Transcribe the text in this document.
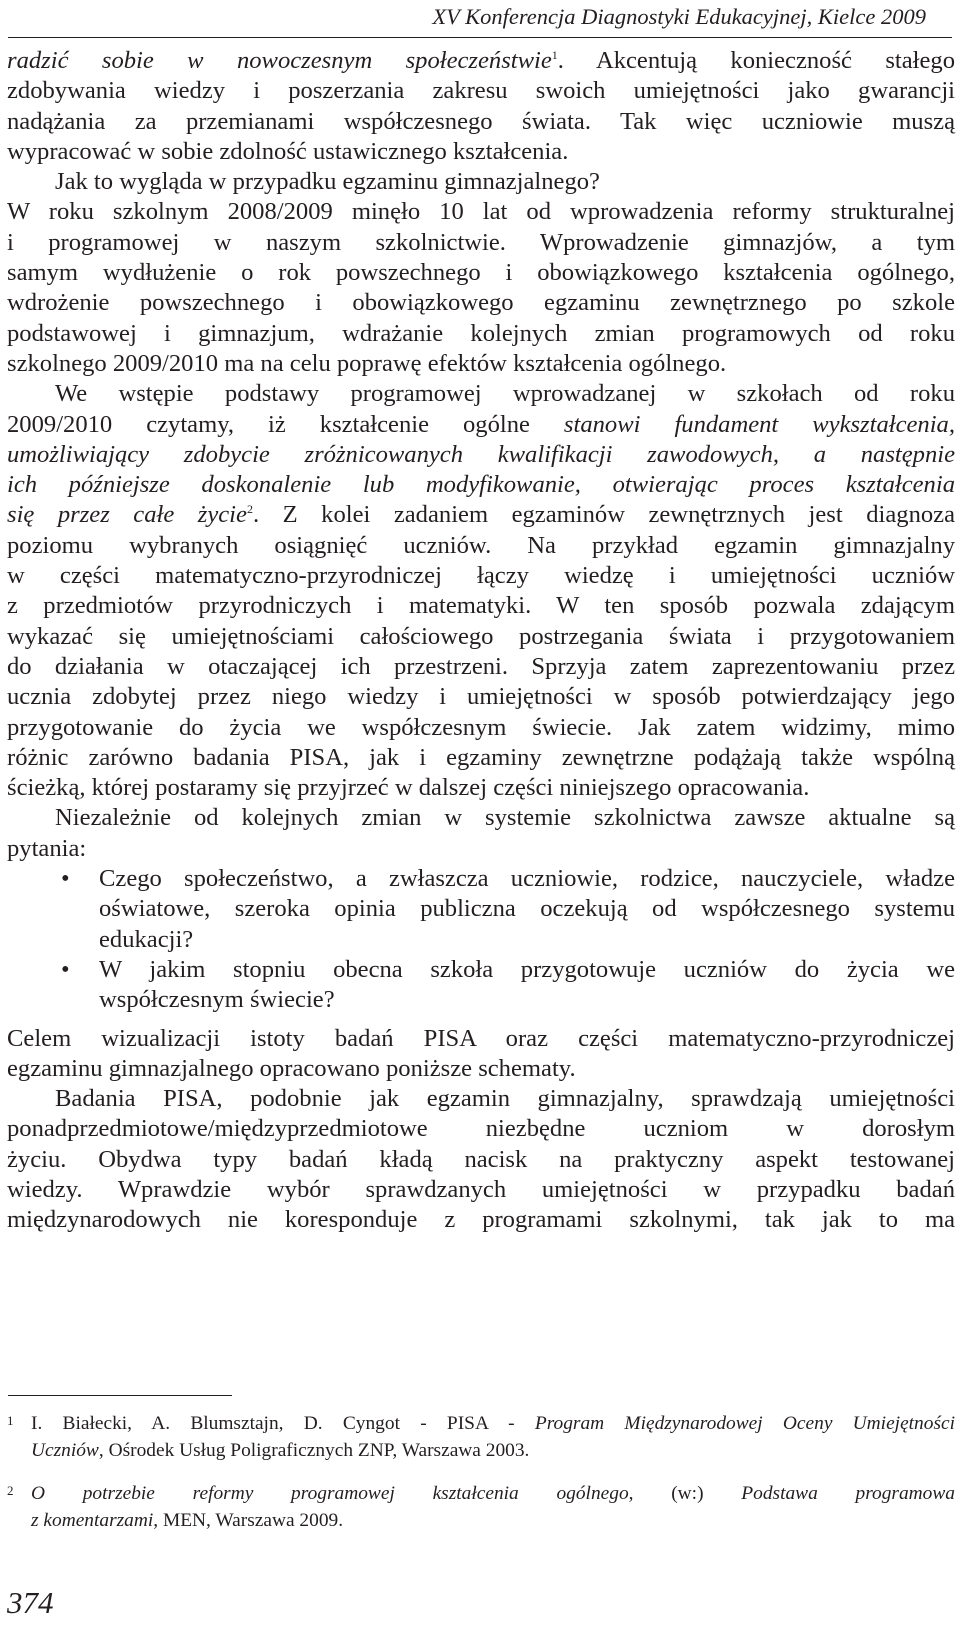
XV Konferencja Diagnostyki Edukacyjnej, Kielce 2009
radzić sobie w nowoczesnym społeczeństwie$^1$. Akcentują konieczność stałego
zdobywania wiedzy i poszerzania zakresu swoich umiejętności jako gwarancji
nadążania za przemianami współczesnego świata. Tak więc uczniowie muszą
wypracować w sobie zdolność ustawicznego kształcenia.
Jak to wygląda w przypadku egzaminu gimnazjalnego?
W roku szkolnym 2008/2009 minęło 10 lat od wprowadzenia reformy strukturalnej
i programowej w naszym szkolnictwie. Wprowadzenie gimnazjów, a tym
samym wydłużenie o rok powszechnego i obowiązkowego kształcenia ogólnego,
wdrożenie powszechnego i obowiązkowego egzaminu zewnętrznego po szkole
podstawowej i gimnazjum, wdrażanie kolejnych zmian programowych od roku
szkolnego 2009/2010 ma na celu poprawę efektów kształcenia ogólnego.
We wstępie podstawy programowej wprowadzanej w szkołach od roku
2009/2010 czytamy, iż kształcenie ogólne stanowi fundament wykształcenia,
umożliwiający zdobycie zróżnicowanych kwalifikacji zawodowych, a następnie
ich późniejsze doskonalenie lub modyfikowanie, otwierając proces kształcenia
się przez całe życie$^2$. Z kolei zadaniem egzaminów zewnętrznych jest diagnoza
poziomu wybranych osiągnięć uczniów. Na przykład egzamin gimnazjalny
w części matematyczno-przyrodniczej łączy wiedzę i umiejętności uczniów
z przedmiotów przyrodniczych i matematyki. W ten sposób pozwala zdającym
wykazać się umiejętnościami całościowego postrzegania świata i przygotowaniem
do działania w otaczającej ich przestrzeni. Sprzyja zatem zaprezentowaniu przez
ucznia zdobytej przez niego wiedzy i umiejętności w sposób potwierdzający jego
przygotowanie do życia we współczesnym świecie. Jak zatem widzimy, mimo
różnic zarówno badania PISA, jak i egzaminy zewnętrzne podążają także wspólną
ścieżką, której postaramy się przyjrzeć w dalszej części niniejszego opracowania.
Niezależnie od kolejnych zmian w systemie szkolnictwa zawsze aktualne są
pytania:
• Czego społeczeństwo, a zwłaszcza uczniowie, rodzice, nauczyciele, władze
oświatowe, szeroka opinia publiczna oczekują od współczesnego systemu
edukacji?
• W jakim stopniu obecna szkoła przygotowuje uczniów do życia we
współczesnym świecie?
Celem wizualizacji istoty badań PISA oraz części matematyczno-przyrodniczej
egzaminu gimnazjalnego opracowano poniższe schematy.
Badania PISA, podobnie jak egzamin gimnazjalny, sprawdzają umiejętności
ponadprzedmiotowe/międzyprzedmiotowe niezbędne uczniom w dorosłym
życiu. Obydwa typy badań kładą nacisk na praktyczny aspekt testowanej
wiedzy. Wprawdzie wybór sprawdzanych umiejętności w przypadku badań
międzynarodowych nie koresponduje z programami szkolnymi, tak jak to ma
1 I. Białecki, A. Blumsztajn, D. Cyngot - PISA - Program Międzynarodowej Oceny Umiejętności
Uczniów, Ośrodek Usług Poligraficznych ZNP, Warszawa 2003.
2 O potrzebie reformy programowej kształcenia ogólnego, (w:) Podstawa programowa
z komentarzami, MEN, Warszawa 2009.
374
